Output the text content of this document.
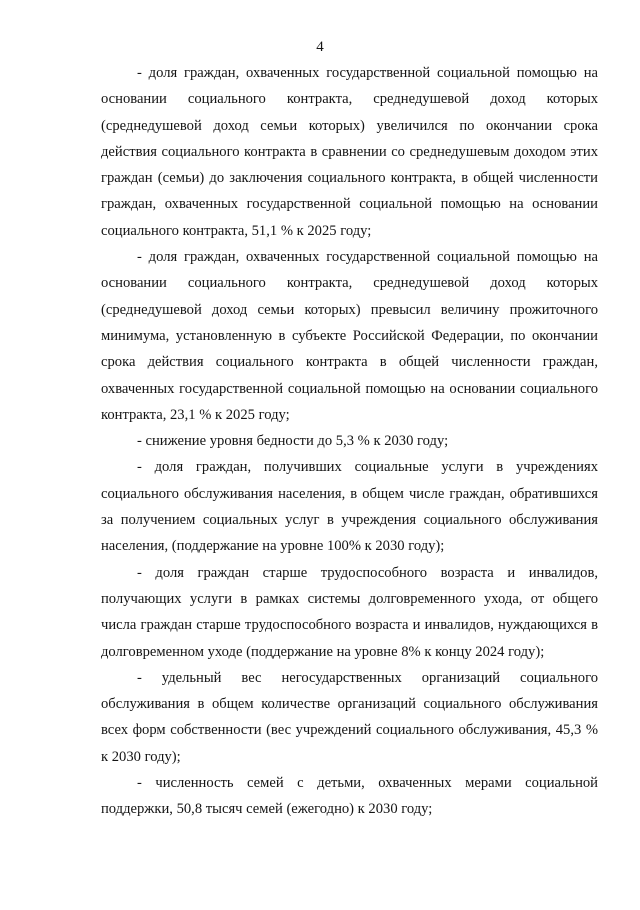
4

- доля граждан, охваченных государственной социальной помощью на основании социального контракта, среднедушевой доход которых (среднедушевой доход семьи которых) увеличился по окончании срока действия социального контракта в сравнении со среднедушевым доходом этих граждан (семьи) до заключения социального контракта, в общей численности граждан, охваченных государственной социальной помощью на основании социального контракта, 51,1 % к 2025 году;

- доля граждан, охваченных государственной социальной помощью на основании социального контракта, среднедушевой доход которых (среднедушевой доход семьи которых) превысил величину прожиточного минимума, установленную в субъекте Российской Федерации, по окончании срока действия социального контракта в общей численности граждан, охваченных государственной социальной помощью на основании социального контракта, 23,1 % к 2025 году;

- снижение уровня бедности до 5,3 % к 2030 году;

- доля граждан, получивших социальные услуги в учреждениях социального обслуживания населения, в общем числе граждан, обратившихся за получением социальных услуг в учреждения социального обслуживания населения, (поддержание на уровне 100% к 2030 году);

- доля граждан старше трудоспособного возраста и инвалидов, получающих услуги в рамках системы долговременного ухода, от общего числа граждан старше трудоспособного возраста и инвалидов, нуждающихся в долговременном уходе (поддержание на уровне 8% к концу 2024 году);

- удельный вес негосударственных организаций социального обслуживания в общем количестве организаций социального обслуживания всех форм собственности (вес учреждений социального обслуживания, 45,3 % к 2030 году);

- численность семей с детьми, охваченных мерами социальной поддержки, 50,8 тысяч семей (ежегодно) к 2030 году;
